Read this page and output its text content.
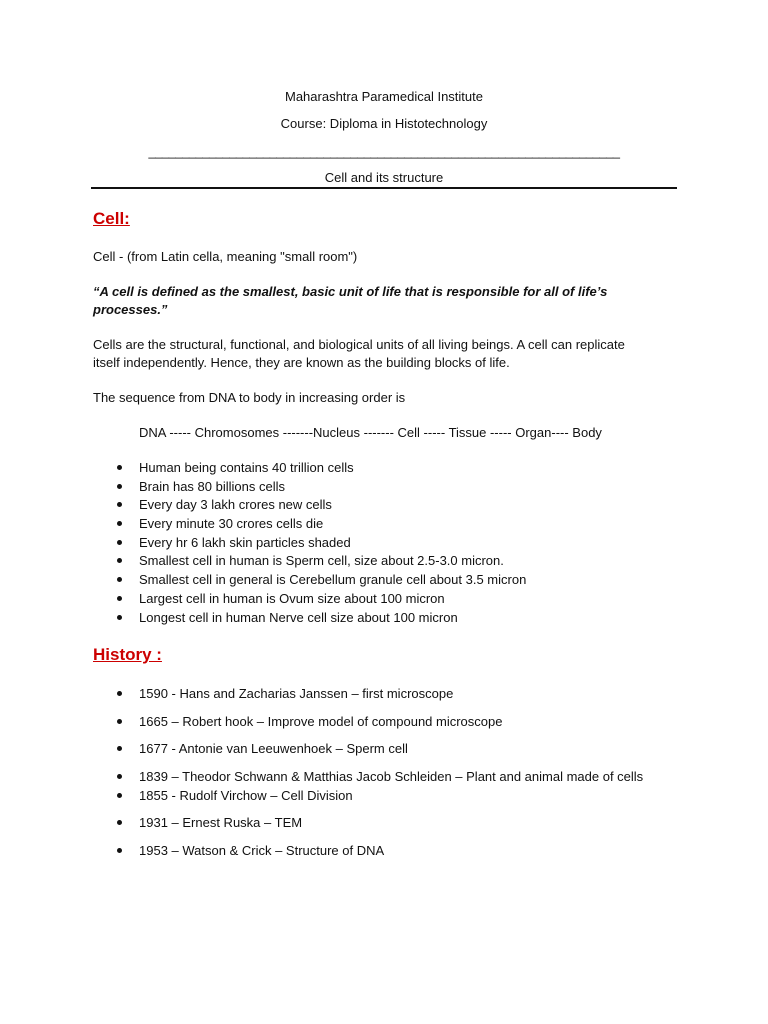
Maharashtra Paramedical Institute
Course: Diploma in Histotechnology
______________________________________________________________________
Cell and its structure
Cell:
Cell - (from Latin cella, meaning "small room")
“A cell is defined as the smallest, basic unit of life that is responsible for all of life’s processes.”
Cells are the structural, functional, and biological units of all living beings. A cell can replicate itself independently. Hence, they are known as the building blocks of life.
The sequence from DNA to body in increasing order is
DNA ----- Chromosomes -------Nucleus ------- Cell ----- Tissue ----- Organ---- Body
Human being contains 40 trillion cells
Brain has 80 billions cells
Every day 3 lakh crores new cells
Every minute 30 crores cells die
Every hr 6 lakh skin particles shaded
Smallest cell in human is Sperm cell, size about 2.5-3.0 micron.
Smallest cell in general is Cerebellum granule cell about 3.5 micron
Largest cell in human is Ovum size about 100 micron
Longest cell in human Nerve cell size about 100 micron
History :
1590 - Hans and Zacharias Janssen – first microscope
1665 – Robert hook – Improve model of compound microscope
1677 - Antonie van Leeuwenhoek – Sperm cell
1839 – Theodor Schwann & Matthias Jacob Schleiden – Plant and animal made of cells
1855 - Rudolf Virchow – Cell Division
1931 – Ernest Ruska – TEM
1953 – Watson & Crick – Structure of DNA
